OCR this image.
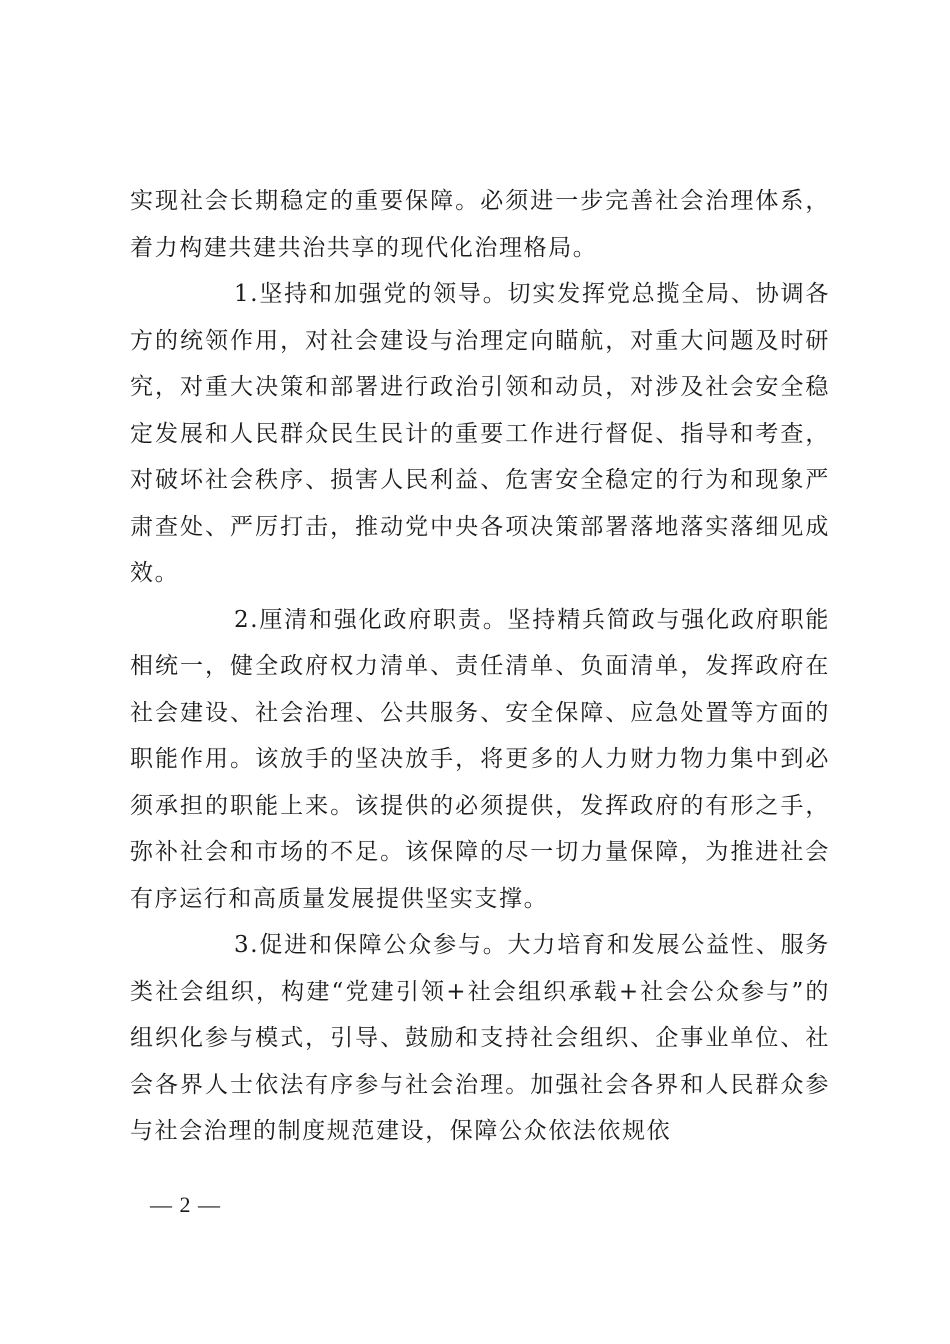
实现社会长期稳定的重要保障。必须进一步完善社会治理体系，着力构建共建共治共享的现代化治理格局。

1.坚持和加强党的领导。切实发挥党总揽全局、协调各方的统领作用，对社会建设与治理定向瞄航，对重大问题及时研究，对重大决策和部署进行政治引领和动员，对涉及社会安全稳定发展和人民群众民生民计的重要工作进行督促、指导和考查，对破坏社会秩序、损害人民利益、危害安全稳定的行为和现象严肃查处、严厉打击，推动党中央各项决策部署落地落实落细见成效。

2.厘清和强化政府职责。坚持精兵简政与强化政府职能相统一，健全政府权力清单、责任清单、负面清单，发挥政府在社会建设、社会治理、公共服务、安全保障、应急处置等方面的职能作用。该放手的坚决放手，将更多的人力财力物力集中到必须承担的职能上来。该提供的必须提供，发挥政府的有形之手，弥补社会和市场的不足。该保障的尽一切力量保障，为推进社会有序运行和高质量发展提供坚实支撑。

3.促进和保障公众参与。大力培育和发展公益性、服务类社会组织，构建“党建引领+社会组织承载+社会公众参与”的组织化参与模式，引导、鼓励和支持社会组织、企事业单位、社会各界人士依法有序参与社会治理。加强社会各界和人民群众参与社会治理的制度规范建设，保障公众依法依规依

— 2 —
